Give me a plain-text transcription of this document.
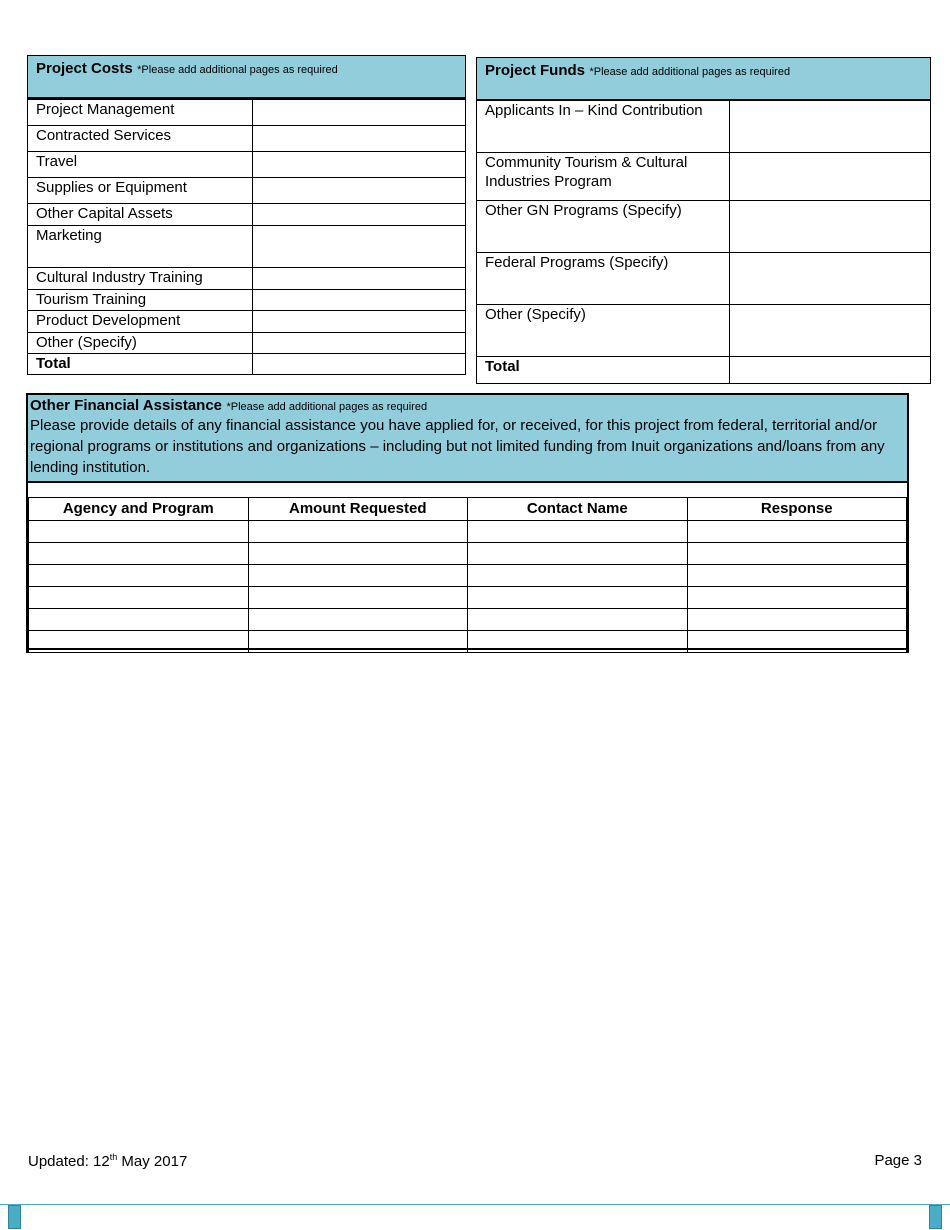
Project Costs *Please add additional pages as required
Project Management	
Contracted Services	
Travel	
Supplies or Equipment	
Other Capital Assets	
Marketing	
Cultural Industry Training	
Tourism Training	
Product Development	
Other (Specify)	
Total	
Project Funds *Please add additional pages as required
Applicants In – Kind Contribution	
Community Tourism & Cultural Industries Program	
Other GN Programs (Specify)	
Federal Programs (Specify)	
Other (Specify)	
Total	
Other Financial Assistance *Please add additional pages as required
Please provide details of any financial assistance you have applied for, or received, for this project from federal, territorial and/or regional programs or institutions and organizations – including but not limited funding from Inuit organizations and/loans from any lending institution.
Agency and Program	Amount Requested	Contact Name	Response

Updated: 12th May 2017	Page 3
